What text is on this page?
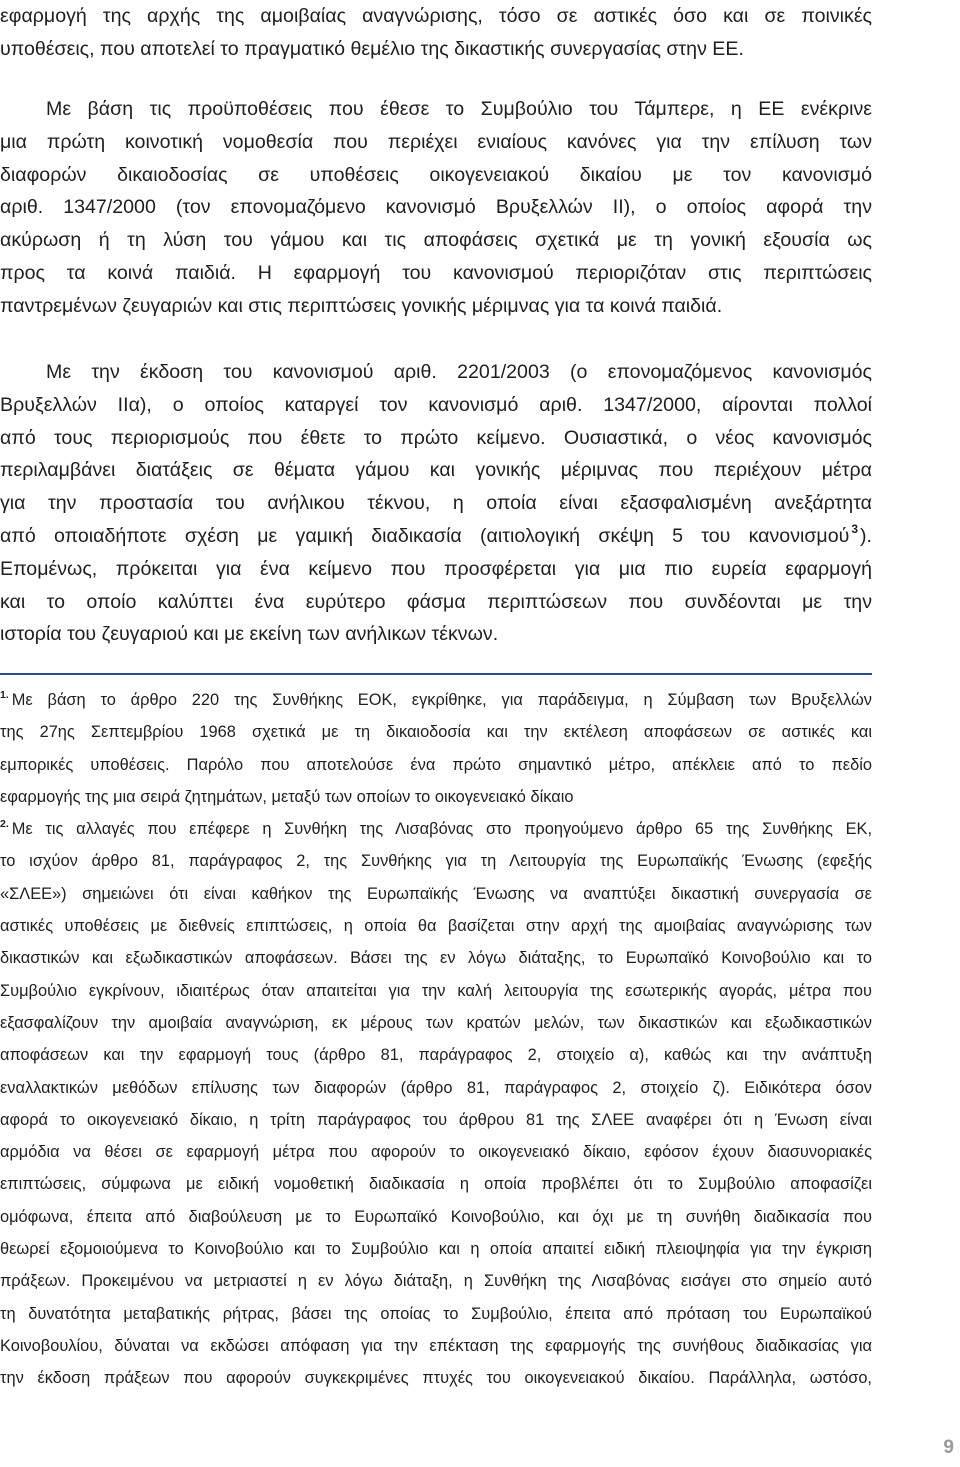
εφαρμογή της αρχής της αμοιβαίας αναγνώρισης, τόσο σε αστικές όσο και σε ποινικές
υποθέσεις, που αποτελεί το πραγματικό θεμέλιο της δικαστικής συνεργασίας στην ΕΕ.
Με βάση τις προϋποθέσεις που έθεσε το Συμβούλιο του Τάμπερε, η ΕΕ ενέκρινε
μια πρώτη κοινοτική νομοθεσία που περιέχει ενιαίους κανόνες για την επίλυση των
διαφορών δικαιοδοσίας σε υποθέσεις οικογενειακού δικαίου με τον κανονισμό
αριθ. 1347/2000 (τον επονομαζόμενο κανονισμό Βρυξελλών ΙΙ), ο οποίος αφορά την
ακύρωση ή τη λύση του γάμου και τις αποφάσεις σχετικά με τη γονική εξουσία ως
προς τα κοινά παιδιά. Η εφαρμογή του κανονισμού περιοριζόταν στις περιπτώσεις
παντρεμένων ζευγαριών και στις περιπτώσεις γονικής μέριμνας για τα κοινά παιδιά.
Με την έκδοση του κανονισμού αριθ. 2201/2003 (ο επονομαζόμενος κανονισμός
Βρυξελλών ΙΙα), ο οποίος καταργεί τον κανονισμό αριθ. 1347/2000, αίρονται πολλοί
από τους περιορισμούς που έθετε το πρώτο κείμενο. Ουσιαστικά, ο νέος κανονισμός
περιλαμβάνει διατάξεις σε θέματα γάμου και γονικής μέριμνας που περιέχουν μέτρα
για την προστασία του ανήλικου τέκνου, η οποία είναι εξασφαλισμένη ανεξάρτητα
από οποιαδήποτε σχέση με γαμική διαδικασία (αιτιολογική σκέψη 5 του κανονισμού $^3$ ).
Επομένως, πρόκειται για ένα κείμενο που προσφέρεται για μια πιο ευρεία εφαρμογή
και το οποίο καλύπτει ένα ευρύτερο φάσμα περιπτώσεων που συνδέονται με την
ιστορία του ζευγαριού και με εκείνη των ανήλικων τέκνων.
$^{1.}$ Με βάση το άρθρο 220 της Συνθήκης ΕΟΚ, εγκρίθηκε, για παράδειγμα, η Σύμβαση των Βρυξελλών
της 27ης Σεπτεμβρίου 1968 σχετικά με τη δικαιοδοσία και την εκτέλεση αποφάσεων σε αστικές και
εμπορικές υποθέσεις. Παρόλο που αποτελούσε ένα πρώτο σημαντικό μέτρο, απέκλειε από το πεδίο
εφαρμογής της μια σειρά ζητημάτων, μεταξύ των οποίων το οικογενειακό δίκαιο
$^{2.}$ Με τις αλλαγές που επέφερε η Συνθήκη της Λισαβόνας στο προηγούμενο άρθρο 65 της Συνθήκης ΕΚ,
το ισχύον άρθρο 81, παράγραφος 2, της Συνθήκης για τη Λειτουργία της Ευρωπαϊκής Ένωσης (εφεξής
«ΣΛΕΕ») σημειώνει ότι είναι καθήκον της Ευρωπαϊκής Ένωσης να αναπτύξει δικαστική συνεργασία σε
αστικές υποθέσεις με διεθνείς επιπτώσεις, η οποία θα βασίζεται στην αρχή της αμοιβαίας αναγνώρισης των
δικαστικών και εξωδικαστικών αποφάσεων. Βάσει της εν λόγω διάταξης, το Ευρωπαϊκό Κοινοβούλιο και το
Συμβούλιο εγκρίνουν, ιδιαιτέρως όταν απαιτείται για την καλή λειτουργία της εσωτερικής αγοράς, μέτρα που
εξασφαλίζουν την αμοιβαία αναγνώριση, εκ μέρους των κρατών μελών, των δικαστικών και εξωδικαστικών
αποφάσεων και την εφαρμογή τους (άρθρο 81, παράγραφος 2, στοιχείο α), καθώς και την ανάπτυξη
εναλλακτικών μεθόδων επίλυσης των διαφορών (άρθρο 81, παράγραφος 2, στοιχείο ζ). Ειδικότερα όσον
αφορά το οικογενειακό δίκαιο, η τρίτη παράγραφος του άρθρου 81 της ΣΛΕΕ αναφέρει ότι η Ένωση είναι
αρμόδια να θέσει σε εφαρμογή μέτρα που αφορούν το οικογενειακό δίκαιο, εφόσον έχουν διασυνοριακές
επιπτώσεις, σύμφωνα με ειδική νομοθετική διαδικασία η οποία προβλέπει ότι το Συμβούλιο αποφασίζει
ομόφωνα, έπειτα από διαβούλευση με το Ευρωπαϊκό Κοινοβούλιο, και όχι με τη συνήθη διαδικασία που
θεωρεί εξομοιούμενα το Κοινοβούλιο και το Συμβούλιο και η οποία απαιτεί ειδική πλειοψηφία για την έγκριση
πράξεων. Προκειμένου να μετριαστεί η εν λόγω διάταξη, η Συνθήκη της Λισαβόνας εισάγει στο σημείο αυτό
τη δυνατότητα μεταβατικής ρήτρας, βάσει της οποίας το Συμβούλιο, έπειτα από πρόταση του Ευρωπαϊκού
Κοινοβουλίου, δύναται να εκδώσει απόφαση για την επέκταση της εφαρμογής της συνήθους διαδικασίας για
την έκδοση πράξεων που αφορούν συγκεκριμένες πτυχές του οικογενειακού δικαίου. Παράλληλα, ωστόσο,
9
